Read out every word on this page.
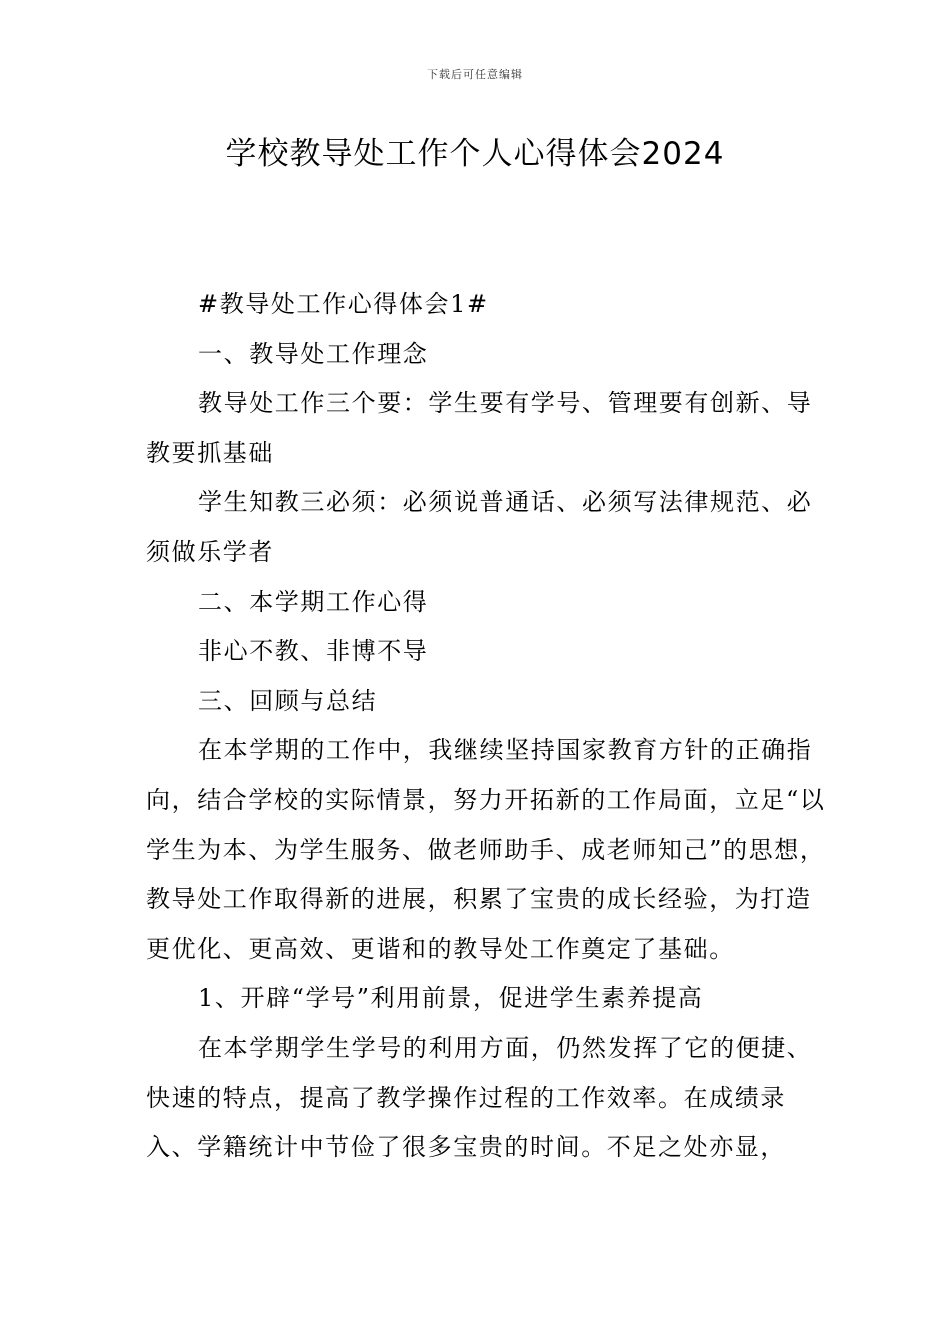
下载后可任意编辑
学校教导处工作个人心得体会2024

#教导处工作心得体会1#

一、教导处工作理念

教导处工作三个要：学生要有学号、管理要有创新、导教要抓基础

学生知教三必须：必须说普通话、必须写法律规范、必须做乐学者

二、本学期工作心得

非心不教、非博不导

三、回顾与总结

在本学期的工作中，我继续坚持国家教育方针的正确指向，结合学校的实际情景，努力开拓新的工作局面，立足“以学生为本、为学生服务、做老师助手、成老师知己”的思想，教导处工作取得新的进展，积累了宝贵的成长经验，为打造更优化、更高效、更谐和的教导处工作奠定了基础。

1、开辟“学号”利用前景，促进学生素养提高

在本学期学生学号的利用方面，仍然发挥了它的便捷、快速的特点，提高了教学操作过程的工作效率。在成绩录入、学籍统计中节俭了很多宝贵的时间。不足之处亦显，
